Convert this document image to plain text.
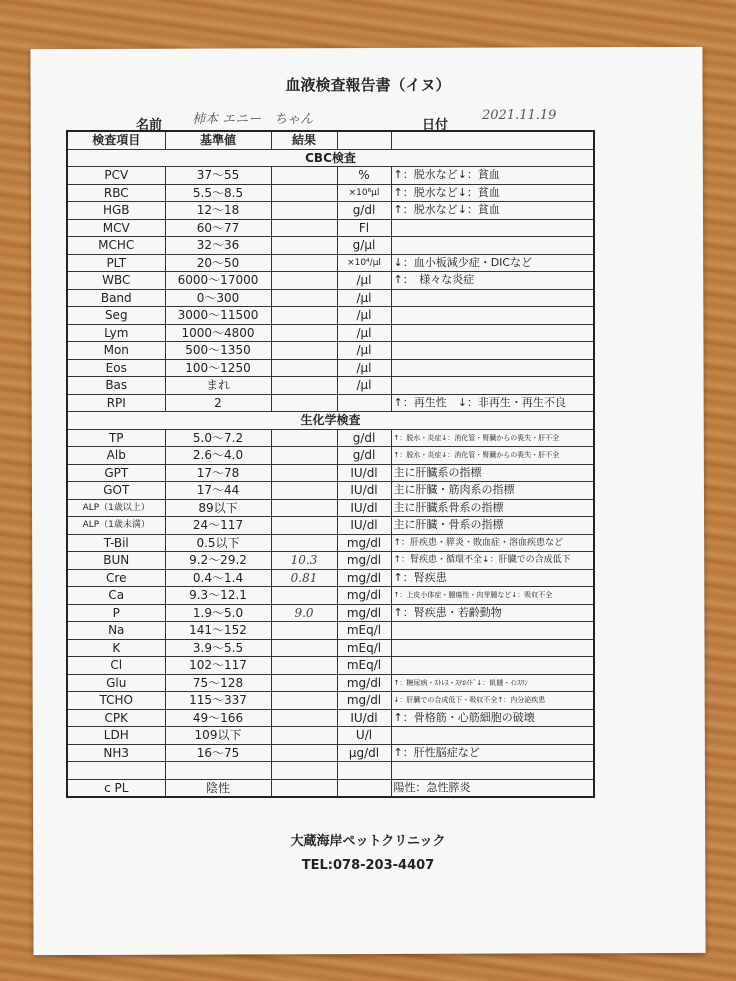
血液検査報告書（イヌ）
名前 柿本 エニー　ちゃん	日付
2021.11.19
検査項目	基準値	結果		
CBC検査				
PCV	37〜55		%	↑：脱水など↓：貧血
RBC	5.5〜8.5		×10⁶μl	↑：脱水など↓：貧血
HGB	12〜18		g/dl	↑：脱水など↓：貧血
MCV	60〜77		Fl	
MCHC	32〜36		g/μl	
PLT	20〜50		×10⁴/μl	↓：血小板減少症・DICなど
WBC	6000〜17000		/μl	↑：　様々な炎症
Band	0〜300		/μl	
Seg	3000〜11500		/μl	
Lym	1000〜4800		/μl	
Mon	500〜1350		/μl	
Eos	100〜1250		/μl	
Bas	まれ		/μl	
RPI	2			↑：再生性　↓：非再生・再生不良
生化学検査				
TP	5.0〜7.2		g/dl	↑：脱水・炎症↓：消化管・腎臓からの喪失・肝不全
Alb	2.6〜4.0		g/dl	↑：脱水・炎症↓：消化管・腎臓からの喪失・肝不全
GPT	17〜78		IU/dl	主に肝臓系の指標
GOT	17〜44		IU/dl	主に肝臓・筋肉系の指標
ALP（1歳以上）	89以下		IU/dl	主に肝臓系骨系の指標
ALP（1歳未満）	24〜117		IU/dl	主に肝臓・骨系の指標
T-Bil	0.5以下		mg/dl	↑：肝疾患・膵炎・敗血症・溶血疾患など
BUN	9.2〜29.2	10.3	mg/dl	↑：腎疾患・循環不全↓：肝臓での合成低下
Cre	0.4〜1.4	0.81	mg/dl	↑：腎疾患
Ca	9.3〜12.1		mg/dl	↑：上皮小体症・腫瘍性・肉芽腫など↓：吸収不全
P	1.9〜5.0	9.0	mg/dl	↑：腎疾患・若齢動物
Na	141〜152		mEq/l	
K	3.9〜5.5		mEq/l	
Cl	102〜117		mEq/l	
Glu	75〜128		mg/dl	↑：糖尿病・ｽﾄﾚｽ・ｽﾃﾛｲﾄﾞ↓：飢餓・ｲﾝｽﾘﾝ
TCHO	115〜337		mg/dl	↓：肝臓での合成低下・吸収不全↑：内分泌疾患
CPK	49〜166		IU/dl	↑：骨格筋・心筋細胞の破壊
LDH	109以下		U/l	
NH3	16〜75		μg/dl	↑：肝性脳症など

c PL	陰性			陽性：急性膵炎
大蔵海岸ペットクリニック
TEL:078-203-4407
